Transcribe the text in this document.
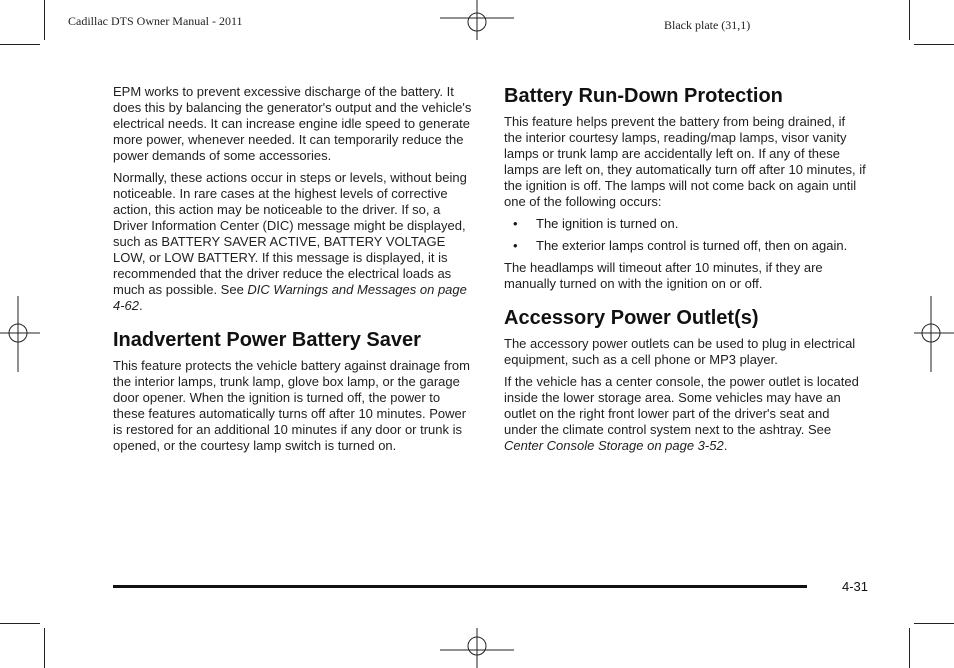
Cadillac DTS Owner Manual - 2011	Black plate (31,1)

EPM works to prevent excessive discharge of the battery. It does this by balancing the generator's output and the vehicle's electrical needs. It can increase engine idle speed to generate more power, whenever needed. It can temporarily reduce the power demands of some accessories.

Normally, these actions occur in steps or levels, without being noticeable. In rare cases at the highest levels of corrective action, this action may be noticeable to the driver. If so, a Driver Information Center (DIC) message might be displayed, such as BATTERY SAVER ACTIVE, BATTERY VOLTAGE LOW, or LOW BATTERY. If this message is displayed, it is recommended that the driver reduce the electrical loads as much as possible. See DIC Warnings and Messages on page 4-62.

Inadvertent Power Battery Saver

This feature protects the vehicle battery against drainage from the interior lamps, trunk lamp, glove box lamp, or the garage door opener. When the ignition is turned off, the power to these features automatically turns off after 10 minutes. Power is restored for an additional 10 minutes if any door or trunk is opened, or the courtesy lamp switch is turned on.

Battery Run-Down Protection

This feature helps prevent the battery from being drained, if the interior courtesy lamps, reading/map lamps, visor vanity lamps or trunk lamp are accidentally left on. If any of these lamps are left on, they automatically turn off after 10 minutes, if the ignition is off. The lamps will not come back on again until one of the following occurs:

• The ignition is turned on.
• The exterior lamps control is turned off, then on again.

The headlamps will timeout after 10 minutes, if they are manually turned on with the ignition on or off.

Accessory Power Outlet(s)

The accessory power outlets can be used to plug in electrical equipment, such as a cell phone or MP3 player.

If the vehicle has a center console, the power outlet is located inside the lower storage area. Some vehicles may have an outlet on the right front lower part of the driver's seat and under the climate control system next to the ashtray. See Center Console Storage on page 3-52.

4-31
